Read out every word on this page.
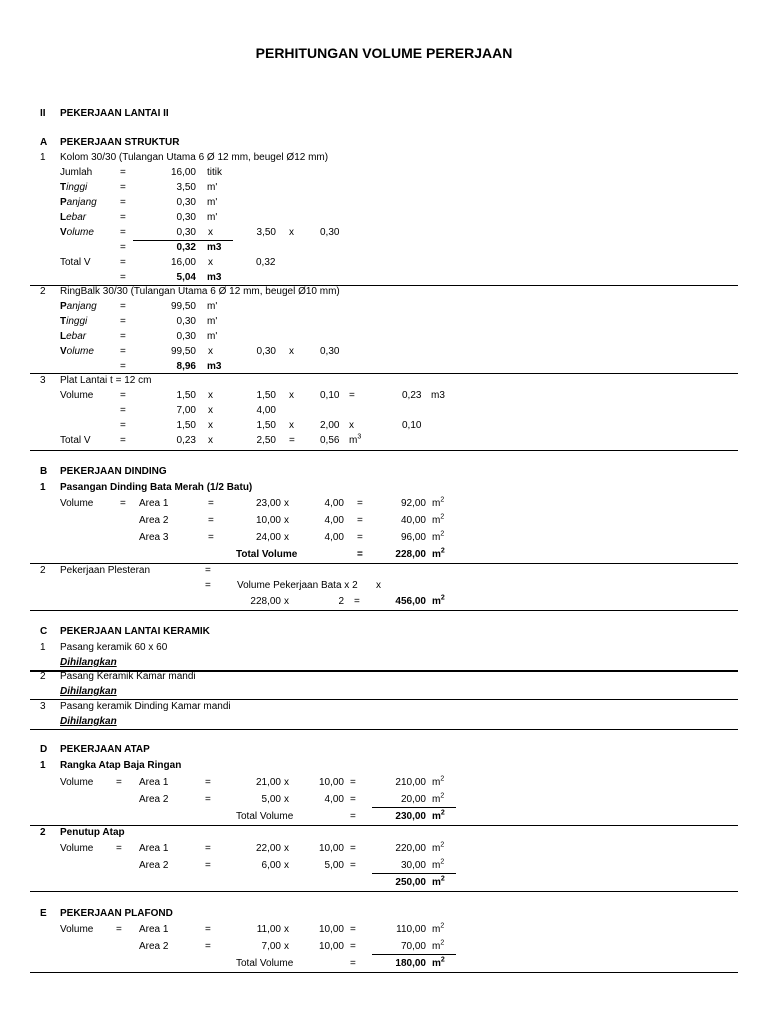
PERHITUNGAN VOLUME PERERJAAN
II PEKERJAAN LANTAI II
A PEKERJAAN STRUKTUR
1 Kolom 30/30 (Tulangan Utama 6 Ø 12 mm, beugel Ø12 mm)
Jumlah	=	16,00 titik
Tinggi	=	3,50 m'
Panjang =	0,30 m'
Lebar	=	0,30 m'
Volume	=	0,30 x	3,50 x	0,30
=	0,32 m3
Total V	=	16,00 x	0,32
=	5,04 m3
2 RingBalk 30/30 (Tulangan Utama 6 Ø 12 mm, beugel Ø10 mm)
Panjang =	99,50 m'
Tinggi	=	0,30 m'
Lebar	=	0,30 m'
Volume	=	99,50 x	0,30 x	0,30
=	8,96 m3
3 Plat Lantai t = 12 cm
Volume	=	1,50 x	1,50 x	0,10 =	0,23 m3
=	7,00 x	4,00
=	1,50 x	1,50 x	2,00 x	0,10
Total V	=	0,23 x	2,50 =	0,56 $m^3$
B PEKERJAAN DINDING
1 Pasangan Dinding Bata Merah (1/2 Batu)
Volume	= Area 1	=	23,00 x	4,00 =	92,00 $m^2$
Area 2	=	10,00 x	4,00 =	40,00 $m^2$
Area 3	=	24,00 x	4,00 =	96,00 $m^2$
Total Volume	=	228,00 $m^2$
2 Pekerjaan Plesteran	=
=	Volume Pekerjaan Bata x 2 x
228,00 x	2 =	456,00 $m^2$
C PEKERJAAN LANTAI KERAMIK
1 Pasang keramik 60 x 60
Dihilangkan
2 Pasang Keramik Kamar mandi
Dihilangkan
3 Pasang keramik Dinding Kamar mandi
Dihilangkan
D PEKERJAAN ATAP
1 Rangka Atap Baja Ringan
Volume = Area 1	=	21,00 x	10,00 =	210,00 $m^2$
Area 2	=	5,00 x	4,00 =	20,00 $m^2$
Total Volume	=	230,00 $m^2$
2 Penutup Atap
Volume = Area 1	=	22,00 x	10,00 =	220,00 $m^2$
Area 2	=	6,00 x	5,00 =	30,00 $m^2$
250,00 $m^2$
E PEKERJAAN PLAFOND
Volume = Area 1	=	11,00 x	10,00 =	110,00 $m^2$
Area 2	=	7,00 x	10,00 =	70,00 $m^2$
Total Volume	=	180,00 $m^2$
